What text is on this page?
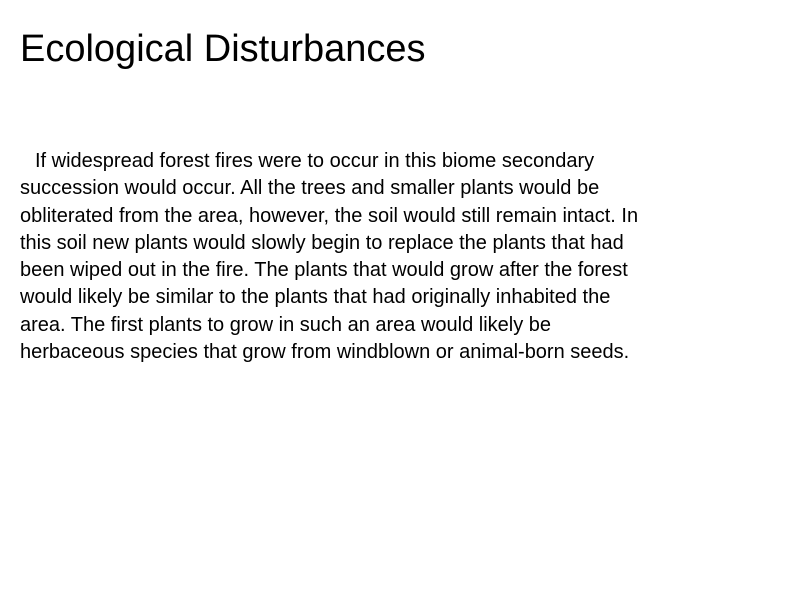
Ecological Disturbances
If widespread forest fires were to occur in this biome secondary
succession would occur. All the trees and smaller plants would be
obliterated from the area, however, the soil would still remain intact. In
this soil new plants would slowly begin to replace the plants that had
been wiped out in the fire. The plants that would grow after the forest
would likely be similar to the plants that had originally inhabited the
area. The first plants to grow in such an area would likely be
herbaceous species that grow from windblown or animal-born seeds.
